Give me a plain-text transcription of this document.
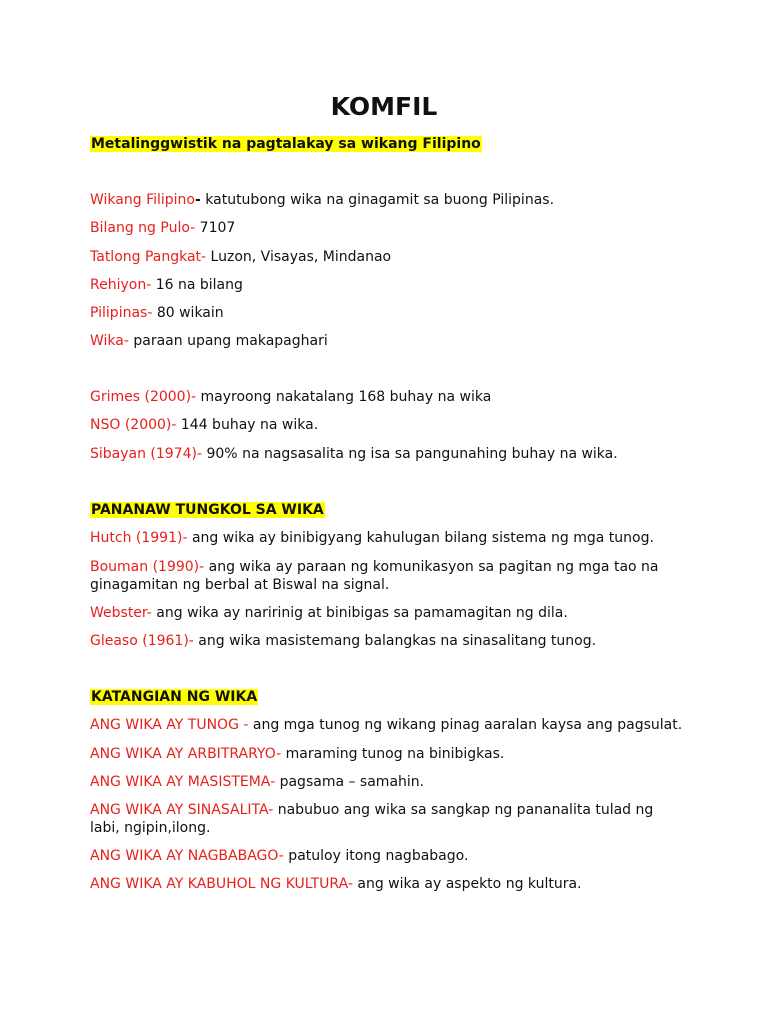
KOMFIL
Metalinggwistik na pagtalakay sa wikang Filipino
Wikang Filipino- katutubong wika na ginagamit sa buong Pilipinas.
Bilang ng Pulo- 7107
Tatlong Pangkat- Luzon, Visayas, Mindanao
Rehiyon- 16 na bilang
Pilipinas- 80 wikain
Wika- paraan upang makapaghari
Grimes (2000)- mayroong nakatalang 168 buhay na wika
NSO (2000)- 144 buhay na wika.
Sibayan (1974)- 90% na nagsasalita ng isa sa pangunahing buhay na wika.
PANANAW TUNGKOL SA WIKA
Hutch (1991)- ang wika ay binibigyang kahulugan bilang sistema ng mga tunog.
Bouman (1990)- ang wika ay paraan ng komunikasyon sa pagitan ng mga tao na ginagamitan ng berbal at Biswal na signal.
Webster- ang wika ay naririnig at binibigas sa pamamagitan ng dila.
Gleaso (1961)- ang wika masistemang balangkas na sinasalitang tunog.
KATANGIAN NG WIKA
ANG WIKA AY TUNOG - ang mga tunog ng wikang pinag aaralan kaysa ang pagsulat.
ANG WIKA AY ARBITRARYO- maraming tunog na binibigkas.
ANG WIKA AY MASISTEMA- pagsama – samahin.
ANG WIKA AY SINASALITA- nabubuo ang wika sa sangkap ng pananalita tulad ng labi, ngipin,ilong.
ANG WIKA AY NAGBABAGO- patuloy itong nagbabago.
ANG WIKA AY KABUHOL NG KULTURA- ang wika ay aspekto ng kultura.
